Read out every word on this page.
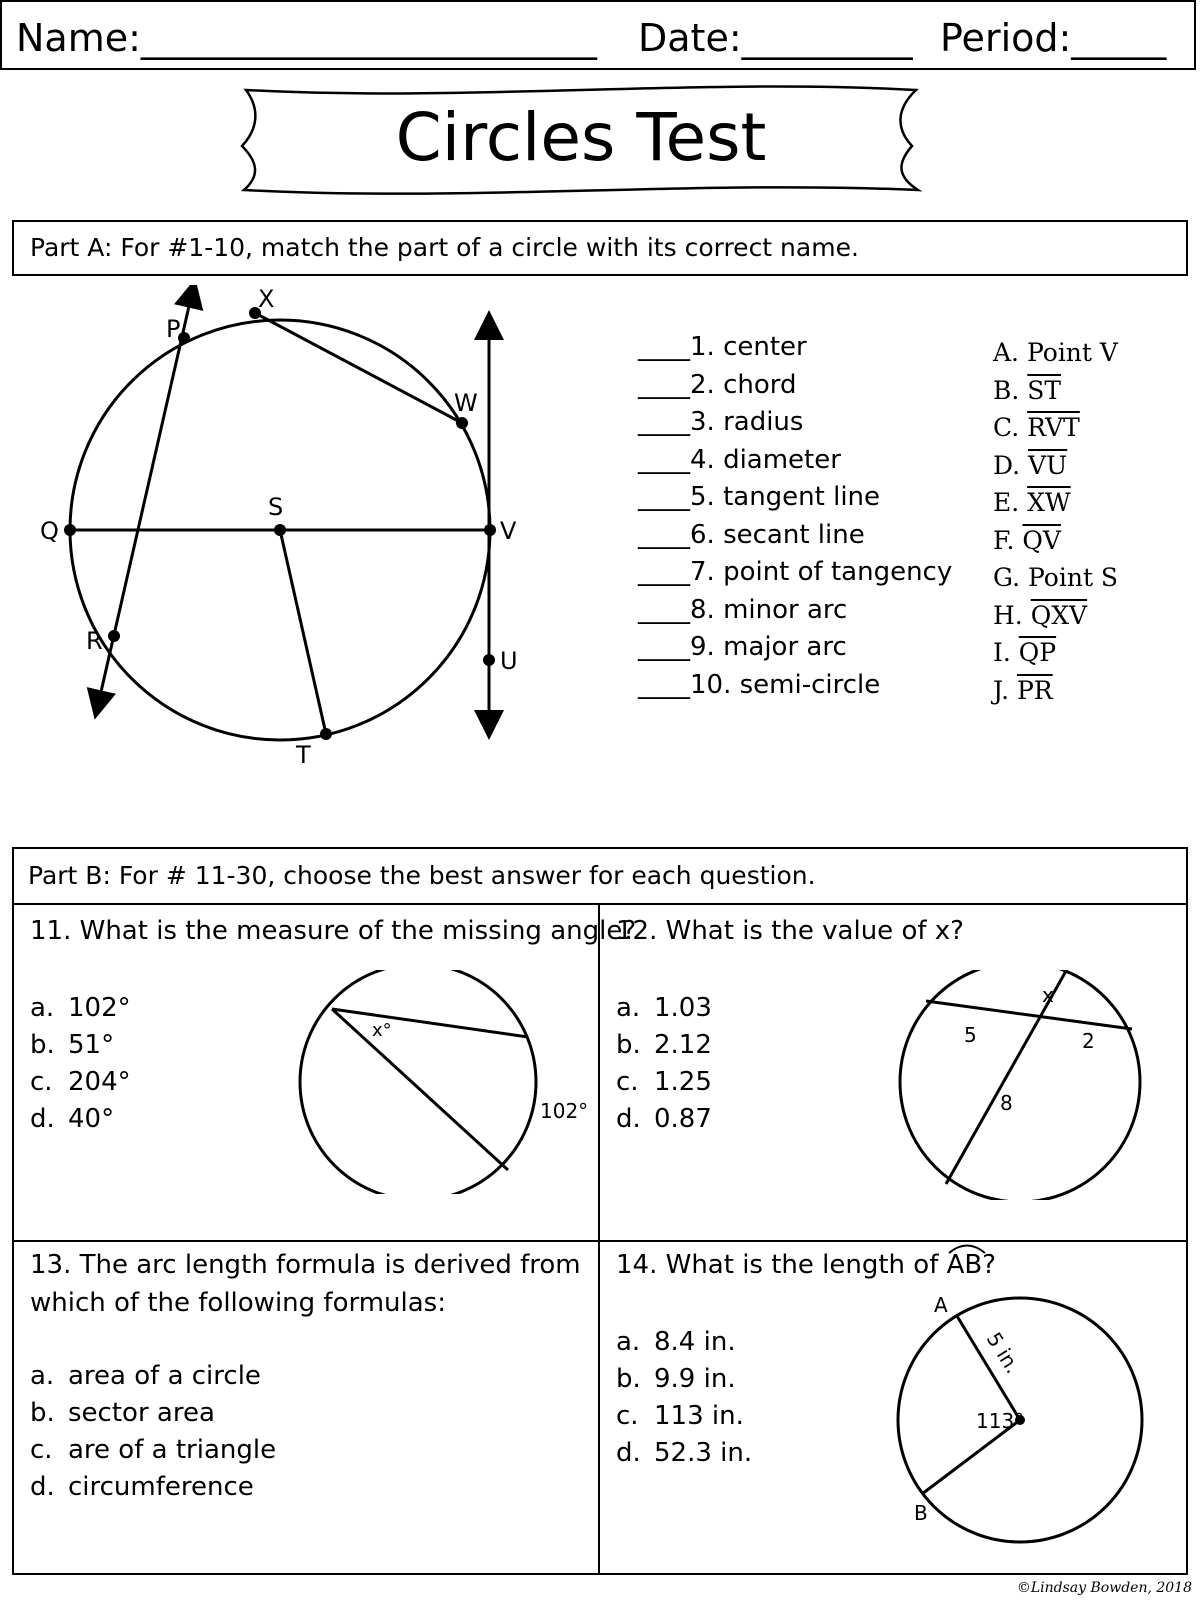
Name:________________________ Date:_________ Period:_____
Circles Test
Part A: For #1-10, match the part of a circle with its correct name.
X
P
W
Q
S
V
R
U
T
____1. center
____2. chord
____3. radius
____4. diameter
____5. tangent line
____6. secant line
____7. point of tangency
____8. minor arc
____9. major arc
____10. semi-circle
A. Point V
B. $\overline{ST}$
C. $\overline{RVT}$
D. $\overline{VU}$
E. $\overline{XW}$
F. $\overline{QV}$
G. Point S
H. $\overline{QXV}$
I. $\overline{QP}$
J. $\overline{PR}$
Part B: For # 11-30, choose the best answer for each question.
11. What is the measure of the missing angle?
a. 102°
b. 51°
c. 204°
d. 40°
x°
102°
12. What is the value of x?
a. 1.03
b. 2.12
c. 1.25
d. 0.87
x
5	2
8
13. The arc length formula is derived from
which of the following formulas:
a. area of a circle
b. sector area
c. are of a triangle
d. circumference
14. What is the length of
AB?
a. 8.4 in.
b. 9.9 in.
c. 113 in.
d. 52.3 in.
A
B
5 in.
113°
©Lindsay Bowden, 2018
